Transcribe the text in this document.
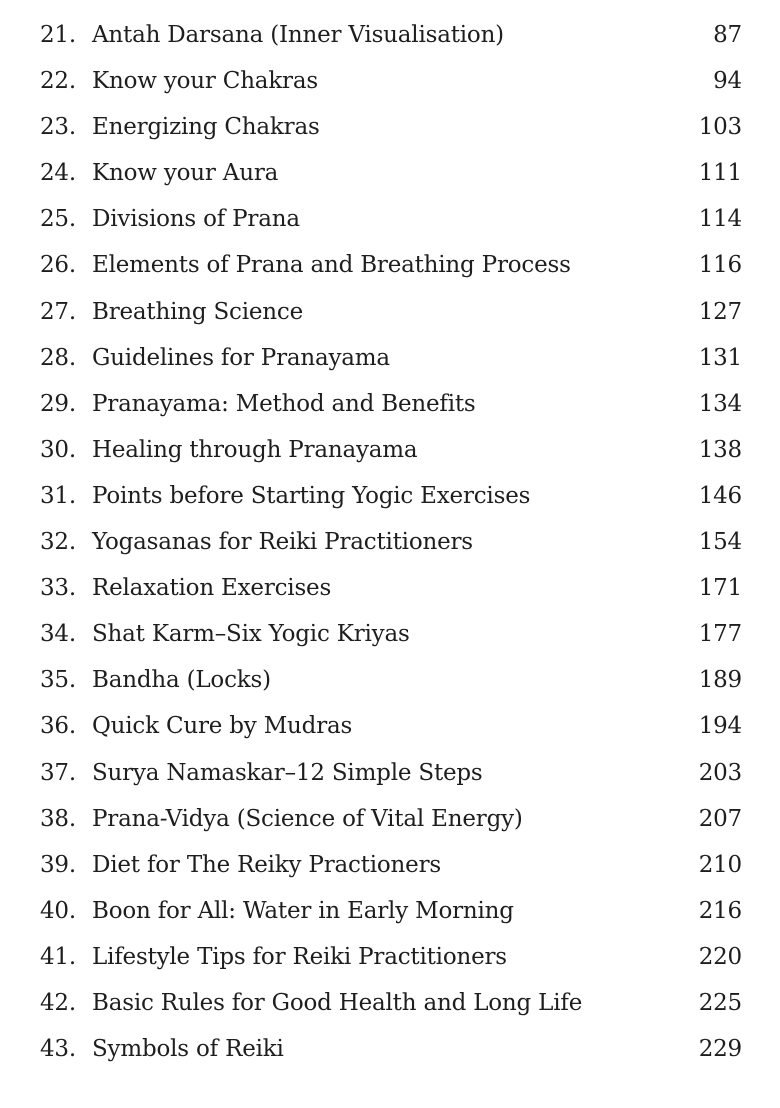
21. Antah Darsana (Inner Visualisation)	87
22. Know your Chakras	94
23. Energizing Chakras	103
24. Know your Aura	111
25. Divisions of Prana	114
26. Elements of Prana and Breathing Process	116
27. Breathing Science	127
28. Guidelines for Pranayama	131
29. Pranayama: Method and Benefits	134
30. Healing through Pranayama	138
31. Points before Starting Yogic Exercises	146
32. Yogasanas for Reiki Practitioners	154
33. Relaxation Exercises	171
34. Shat Karm–Six Yogic Kriyas	177
35. Bandha (Locks)	189
36. Quick Cure by Mudras	194
37. Surya Namaskar–12 Simple Steps	203
38. Prana-Vidya (Science of Vital Energy)	207
39. Diet for The Reiky Practioners	210
40. Boon for All: Water in Early Morning	216
41. Lifestyle Tips for Reiki Practitioners	220
42. Basic Rules for Good Health and Long Life	225
43. Symbols of Reiki	229
